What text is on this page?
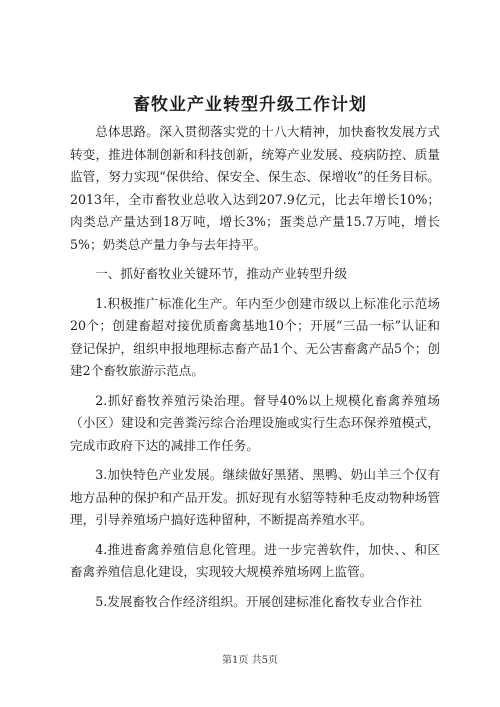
畜牧业产业转型升级工作计划

总体思路。深入贯彻落实党的十八大精神，加快畜牧发展方式转变，推进体制创新和科技创新，统筹产业发展、疫病防控、质量监管，努力实现“保供给、保安全、保生态、保增收”的任务目标。2013年，全市畜牧业总收入达到207.9亿元，比去年增长10%；肉类总产量达到18万吨，增长3%；蛋类总产量15.7万吨，增长5%；奶类总产量力争与去年持平。

一、抓好畜牧业关键环节，推动产业转型升级

1.积极推广标准化生产。年内至少创建市级以上标准化示范场20个；创建畜超对接优质畜禽基地10个；开展“三品一标”认证和登记保护，组织申报地理标志畜产品1个、无公害畜禽产品5个；创建2个畜牧旅游示范点。

2.抓好畜牧养殖污染治理。督导40%以上规模化畜禽养殖场（小区）建设和完善粪污综合治理设施或实行生态环保养殖模式，完成市政府下达的减排工作任务。

3.加快特色产业发展。继续做好黑猪、黑鸭、奶山羊三个仅有地方品种的保护和产品开发。抓好现有水貂等特种毛皮动物种场管理，引导养殖场户搞好选种留种，不断提高养殖水平。

4.推进畜禽养殖信息化管理。进一步完善软件，加快、、和区畜禽养殖信息化建设，实现较大规模养殖场网上监管。

5.发展畜牧合作经济组织。开展创建标准化畜牧专业合作社

第1页 共5页
